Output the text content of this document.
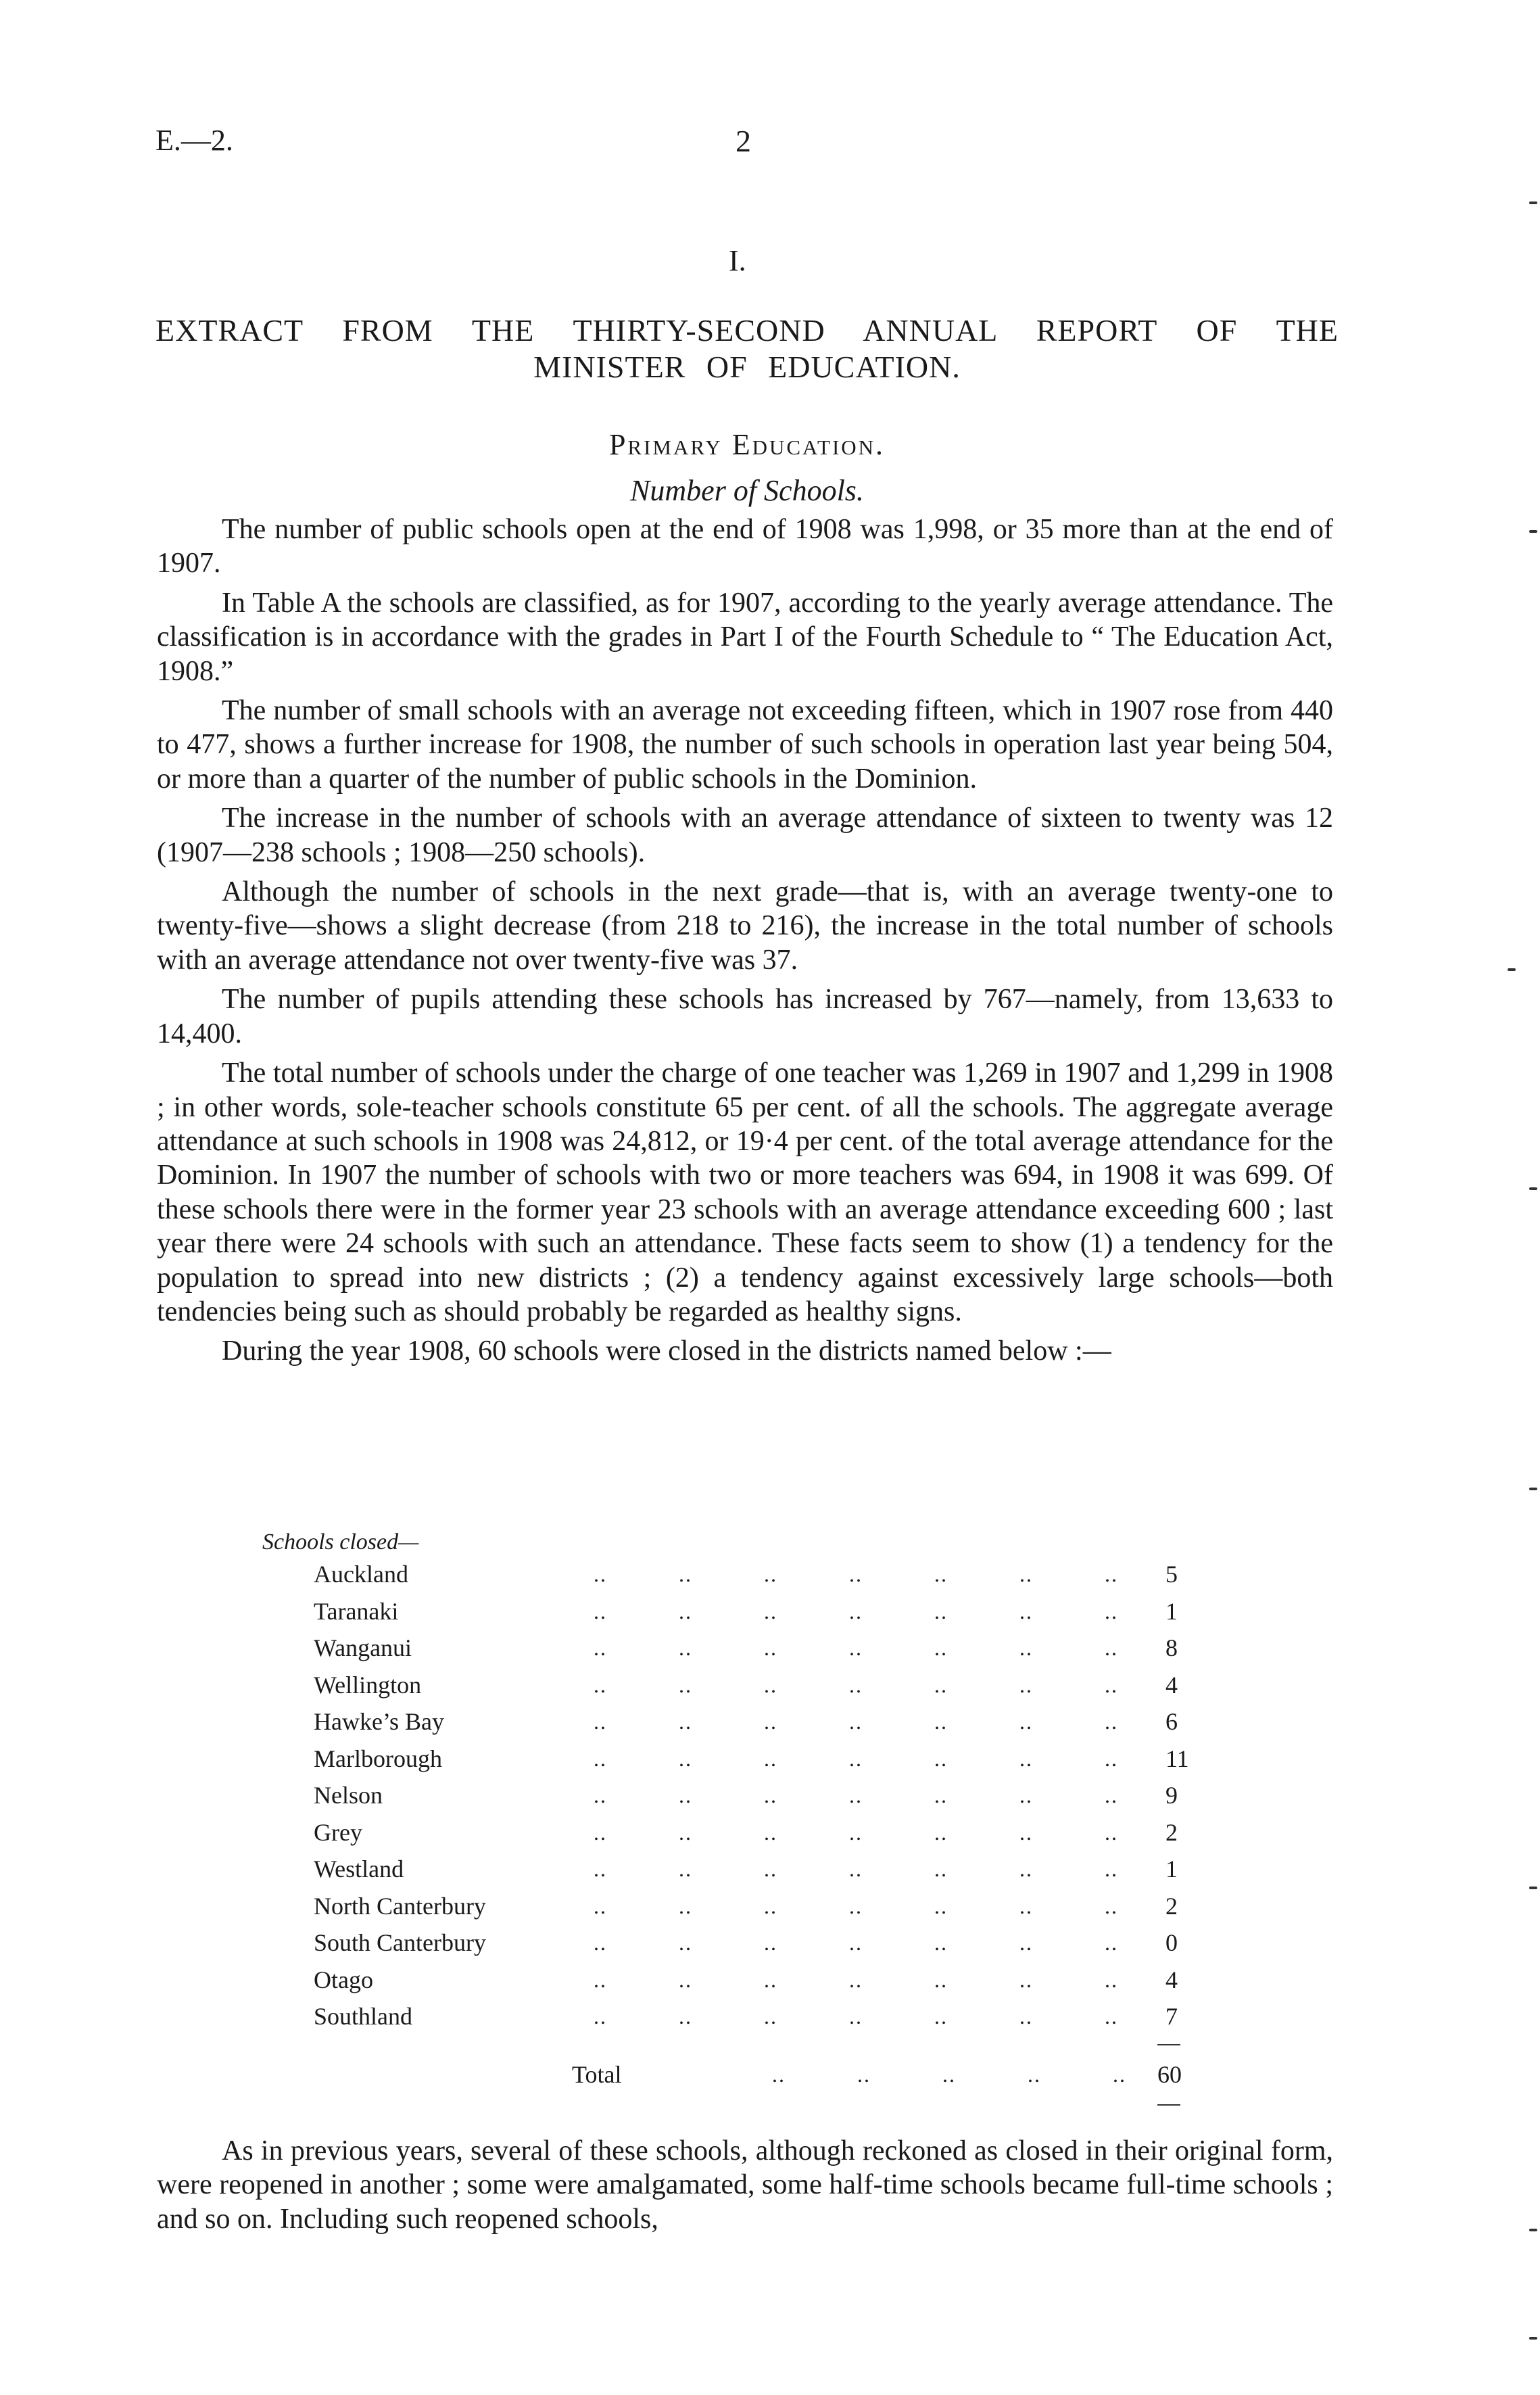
E.—2.	2
I.
EXTRACT FROM THE THIRTY-SECOND ANNUAL REPORT OF THE
MINISTER OF EDUCATION.
Primary Education.
Number of Schools.

The number of public schools open at the end of 1908 was 1,998, or 35 more than at the end of 1907.

In Table A the schools are classified, as for 1907, according to the yearly average attendance. The classification is in accordance with the grades in Part I of the Fourth Schedule to “ The Education Act, 1908.”

The number of small schools with an average not exceeding fifteen, which in 1907 rose from 440 to 477, shows a further increase for 1908, the number of such schools in operation last year being 504, or more than a quarter of the number of public schools in the Dominion.

The increase in the number of schools with an average attendance of sixteen to twenty was 12 (1907—238 schools ; 1908—250 schools).

Although the number of schools in the next grade—that is, with an average twenty-one to twenty-five—shows a slight decrease (from 218 to 216), the increase in the total number of schools with an average attendance not over twenty-five was 37.

The number of pupils attending these schools has increased by 767—namely, from 13,633 to 14,400.

The total number of schools under the charge of one teacher was 1,269 in 1907 and 1,299 in 1908 ; in other words, sole-teacher schools constitute 65 per cent. of all the schools. The aggregate average attendance at such schools in 1908 was 24,812, or 19·4 per cent. of the total average attendance for the Dominion. In 1907 the number of schools with two or more teachers was 694, in 1908 it was 699. Of these schools there were in the former year 23 schools with an average attendance exceeding 600 ; last year there were 24 schools with such an attendance. These facts seem to show (1) a tendency for the population to spread into new districts ; (2) a tendency against excessively large schools—both tendencies being such as should probably be regarded as healthy signs.

During the year 1908, 60 schools were closed in the districts named below :—

Schools closed—
Auckland	.. .. .. .. .. .. .. 5
Taranaki	.. .. .. .. .. .. .. 1
Wanganui	.. .. .. .. .. .. .. 8
Wellington	.. .. .. .. .. .. .. 4
Hawke’s Bay	.. .. .. .. .. .. .. 6
Marlborough	.. .. .. .. .. .. .. 11
Nelson	.. .. .. .. .. .. .. 9
Grey	.. .. .. .. .. .. .. 2
Westland	.. .. .. .. .. .. .. 1
North Canterbury	.. .. .. .. .. .. .. 2
South Canterbury	.. .. .. .. .. .. .. 0
Otago	.. .. .. .. .. .. .. 4
Southland	.. .. .. .. .. .. .. 7
Total	.. .. .. .. .. 60

As in previous years, several of these schools, although reckoned as closed in their original form, were reopened in another ; some were amalgamated, some half-time schools became full-time schools ; and so on. Including such reopened schools,
